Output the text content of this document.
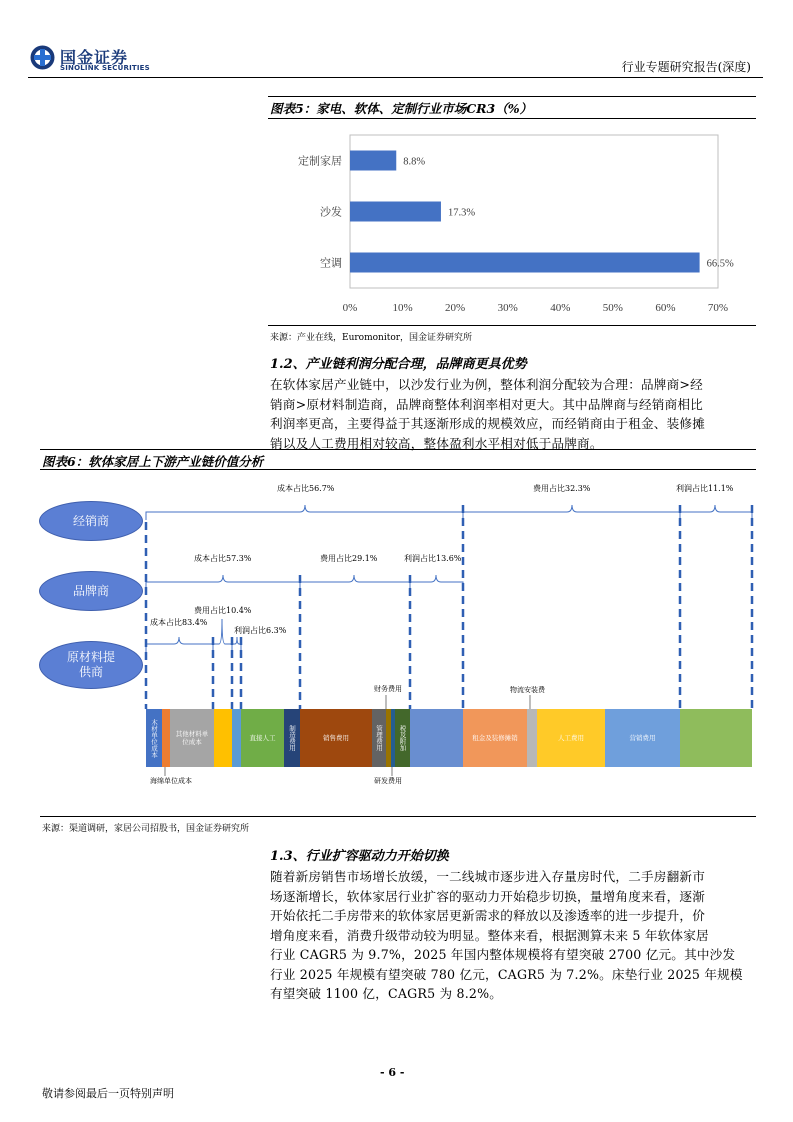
国金证券
SINOLINK SECURITIES	行业专题研究报告(深度)
图表5：家电、软体、定制行业市场CR3（%）
定制家居	8.8%
沙发	17.3%
空调	66.5%
0%	10%	20%	30%	40%	50%	60%	70%
来源：产业在线，Euromonitor，国金证券研究所
1.2、产业链利润分配合理，品牌商更具优势
在软体家居产业链中，以沙发行业为例，整体利润分配较为合理：品牌商>经
销商>原材料制造商，品牌商整体利润率相对更大。其中品牌商与经销商相比
利润率更高，主要得益于其逐渐形成的规模效应，而经销商由于租金、装修摊
销以及人工费用相对较高，整体盈利水平相对低于品牌商。
图表6：软体家居上下游产业链价值分析
经销商
品牌商
原材料提供商
成本占比56.7%	费用占比32.3%	利润占比11.1%
成本占比57.3%	费用占比29.1%	利润占比13.6%
成本占比83.4%
费用占比10.4%
利润占比6.3%
财务费用	物流安装费
海绵单位成本	研发费用
木材单位成本	其他材料单位成本	直接人工 制造费用	销售费用	管理费用 税及附加	租金及装修摊销	人工费用	营销费用
来源：渠道调研，家居公司招股书，国金证券研究所
1.3、行业扩容驱动力开始切换
随着新房销售市场增长放缓，一二线城市逐步进入存量房时代，二手房翻新市
场逐渐增长，软体家居行业扩容的驱动力开始稳步切换，量增角度来看，逐渐
开始依托二手房带来的软体家居更新需求的释放以及渗透率的进一步提升，价
增角度来看，消费升级带动较为明显。整体来看，根据测算未来 5 年软体家居
行业 CAGR5 为 9.7%，2025 年国内整体规模将有望突破 2700 亿元。其中沙发
行业 2025 年规模有望突破 780 亿元，CAGR5 为 7.2%。床垫行业 2025 年规模
有望突破 1100 亿，CAGR5 为 8.2%。
- 6 -
敬请参阅最后一页特别声明
